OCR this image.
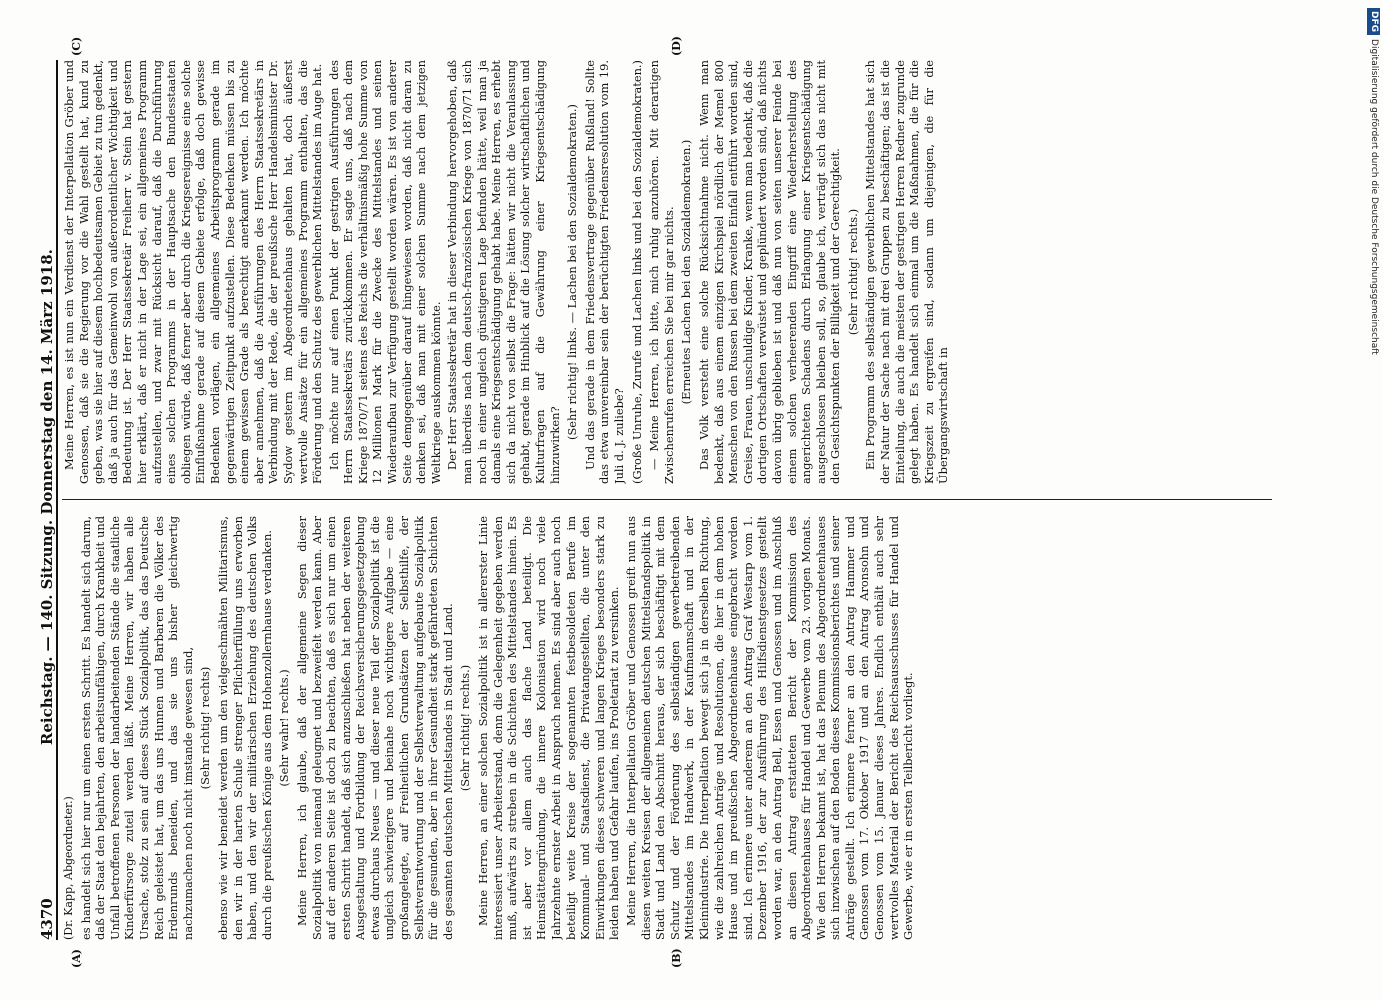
4370
Reichstag. — 140. Sitzung. Donnerstag den 14. März 1918.
(Dr. Kapp, Abgeordneter.) es handelt sich hier nur um einen ersten Schritt. Es handelt sich darum, daß der Staat den bejahrten, den arbeitsunfähigen, durch Krankheit und Unfall betroffenen Personen der handarbeitenden Stände die staatliche Kinderfürsorge zuteil werden läßt. Meine Herren, wir haben alle Ursache, stolz zu sein auf dieses Stück Sozialpolitik, das das Deutsche Reich geleistet hat, um das uns Hunnen und Barbaren die Völker des Erdenrunds beneiden, und das sie uns bisher gleichwertig nachzumachen noch nicht imstande gewesen sind, (Sehr richtig! rechts) ebenso wie wir beneidet werden um den vielgeschmähten Militarismus, den wir in der harten Schule strenger Pflichterfüllung uns erworben haben, und den wir der militärischen Erziehung des deutschen Volks durch die preußischen Könige aus dem Hohenzollernhause verdanken. (Sehr wahr! rechts.) Meine Herren, ich glaube, daß der allgemeine Segen dieser Sozialpolitik von niemand geleugnet und bezweifelt werden kann. Aber auf der anderen Seite ist doch zu beachten, daß es sich nur um einen ersten Schritt handelt, daß sich anzuschließen hat neben der weiteren Ausgestaltung und Fortbildung der Reichsversicherungsgesetzgebung etwas durchaus Neues — und dieser neue Teil der Sozialpolitik ist die ungleich schwierigere und beinahe noch wichtigere Aufgabe — eine großangelegte, auf Freiheitlichen Grundsätzen der Selbsthilfe, der Selbstverantwortung und der Selbstverwaltung aufgebaute Sozialpolitik für die gesunden, aber in ihrer Gesundheit stark gefährdeten Schichten des gesamten deutschen Mittelstandes in Stadt und Land. (Sehr richtig! rechts.) Meine Herren, an einer solchen Sozialpolitik ist in allererster Linie interessiert unser Arbeiterstand, denn die Gelegenheit gegeben werden muß, aufwärts zu streben in die Schichten des Mittelstandes hinein. Es ist aber vor allem auch das flache Land beteiligt. Die Heimstättengründung, die innere Kolonisation wird noch viele Jahrzehnte ernster Arbeit in Anspruch nehmen. Es sind aber auch noch beteiligt weite Kreise der sogenannten festbesoldeten Berufe im Kommunal- und Staatsdienst, die Privatangestellten, die unter den Einwirkungen dieses schweren und langen Krieges besonders stark zu leiden haben und Gefahr laufen, ins Proletariat zu versinken. Meine Herren, die Interpellation Gröber und Genossen greift nun aus diesen weiten Kreisen der allgemeinen deutschen Mittelstandspolitik in Stadt und Land den Abschnitt heraus, der sich beschäftigt mit dem Schutz und der Förderung des selbständigen gewerbetreibenden Mittelstandes im Handwerk, in der Kaufmannschaft und in der Kleinindustrie. Die Interpellation bewegt sich ja in derselben Richtung, wie die zahlreichen Anträge und Resolutionen, die hier in dem hohen Hause und im preußischen Abgeordnetenhause eingebracht worden sind. Ich erinnere unter anderem an den Antrag Graf Westarp vom 1. Dezember 1916, der zur Ausführung des Hilfsdienstgesetzes gestellt worden war, an den Antrag Bell, Essen und Genossen und im Anschluß an diesen Antrag erstatteten Bericht der Kommission des Abgeordnetenhauses für Handel und Gewerbe vom 23. vorigen Monats. Wie den Herren bekannt ist, hat das Plenum des Abgeordnetenhauses sich inzwischen auf den Boden dieses Kommissionsberichtes und seiner Anträge gestellt. Ich erinnere ferner an den Antrag Hammer und Genossen vom 17. Oktober 1917 und an den Antrag Aronsohn und Genossen vom 15. Januar dieses Jahres. Endlich enthält auch sehr wertvolles Material der Bericht des Reichsausschusses für Handel und Gewerbe, wie er in ersten Teilbericht vorliegt.

Meine Herren, es ist nun ein Verdienst der Interpellation Gröber und Genossen, daß sie die Regierung vor die Wahl gestellt hat, kund zu geben, was sie hier auf diesem hochbedeutsamen Gebiet zu tun gedenkt, daß ja auch für das Gemeinwohl von außerordentlicher Wichtigkeit und Bedeutung ist. Der Herr Staatssekretär Freiherr v. Stein hat gestern hier erklärt, daß er nicht in der Lage sei, ein allgemeines Programm aufzustellen, und zwar mit Rücksicht darauf, daß die Durchführung eines solchen Programms in der Hauptsache den Bundesstaaten obliegen würde, daß ferner aber durch die Kriegsereignisse eine solche Einflußnahme gerade auf diesem Gebiete erfolge, daß doch gewisse Bedenken vorlägen, ein allgemeines Arbeitsprogramm gerade im gegenwärtigen Zeitpunkt aufzustellen. Diese Bedenken müssen bis zu einem gewissen Grade als berechtigt anerkannt werden. Ich möchte aber annehmen, daß die Ausführungen des Herrn Staatssekretärs in Verbindung mit der Rede, die der preußische Herr Handelsminister Dr. Sydow gestern im Abgeordnetenhaus gehalten hat, doch äußerst wertvolle Ansätze für ein allgemeines Programm enthalten, das die Förderung und den Schutz des gewerblichen Mittelstandes im Auge hat. Ich möchte nur auf einen Punkt der gestrigen Ausführungen des Herrn Staatssekretärs zurückkommen. Er sagte uns, daß nach dem Kriege 1870/71 seitens des Reichs die verhältnismäßig hohe Summe von 12 Millionen Mark für die Zwecke des Mittelstandes und seinen Wiederaufbau zur Verfügung gestellt worden wären. Es ist von anderer Seite demgegenüber darauf hingewiesen worden, daß nicht daran zu denken sei, daß man mit einer solchen Summe nach dem jetzigen Weltkriege auskommen könnte. Der Herr Staatssekretär hat in dieser Verbindung hervorgehoben, daß man überdies nach dem deutsch-französischen Kriege von 1870/71 sich noch in einer ungleich günstigeren Lage befunden hätte, weil man ja damals eine Kriegsentschädigung gehabt habe. Meine Herren, es erhebt sich da nicht von selbst die Frage: hätten wir nicht die Veranlassung gehabt, gerade im Hinblick auf die Lösung solcher wirtschaftlichen und Kulturfragen auf die Gewährung einer Kriegsentschädigung hinzuwirken?

(Sehr richtig! links. — Lachen bei den Sozialdemokraten.) Und das gerade in dem Friedensvertrage gegenüber Rußland! Sollte das etwa unvereinbar sein der berüchtigten Friedensresolution vom 19. Juli d. J. zuliebe? (Große Unruhe, Zurufe und Lachen links und bei den Sozialdemokraten.) — Meine Herren, ich bitte, mich ruhig anzuhören. Mit derartigen Zwischenrufen erreichen Sie bei mir gar nichts. (Erneutes Lachen bei den Sozialdemokraten.) Das Volk versteht eine solche Rücksichtnahme nicht. Wenn man bedenkt, daß aus einem einzigen Kirchspiel nördlich der Memel 800 Menschen von den Russen bei dem zweiten Einfall entführt worden sind, Greise, Frauen, unschuldige Kinder, Kranke, wenn man bedenkt, daß die dortigen Ortschaften verwüstet und geplündert worden sind, daß nichts davon übrig geblieben ist und daß nun von seiten unserer Feinde bei einem solchen verheerenden Eingriff eine Wiederherstellung des angerichteten Schadens durch Erlangung einer Kriegsentschädigung ausgeschlossen bleiben soll, so, glaube ich, verträgt sich das nicht mit den Gesichtspunkten der Billigkeit und der Gerechtigkeit. (Sehr richtig! rechts.) Ein Programm des selbständigen gewerblichen Mittelstandes hat sich der Natur der Sache nach mit drei Gruppen zu beschäftigen; das ist die Einteilung, die auch die meisten der gestrigen Herren Redner zugrunde gelegt haben. Es handelt sich einmal um die Maßnahmen, die für die Kriegszeit zu ergreifen sind, sodann um diejenigen, die für die Übergangswirtschaft in

(A)	(B)
(C)	(D)
DFG
Digitalisierung gefördert durch die Deutsche Forschungsgemeinschaft
